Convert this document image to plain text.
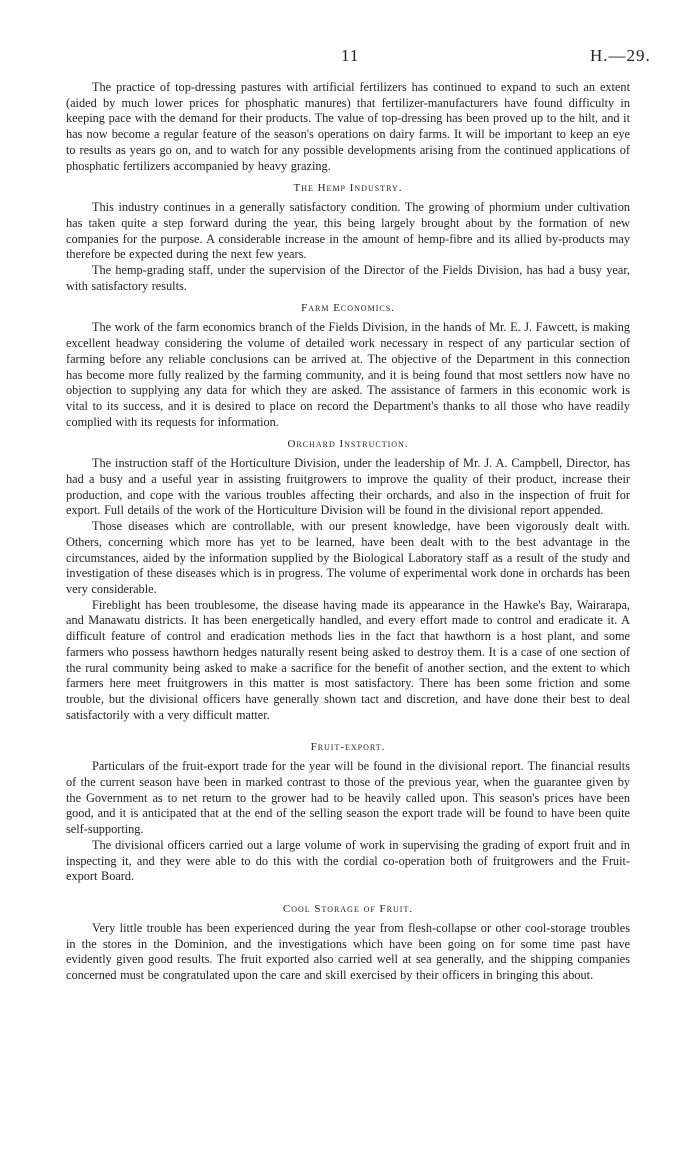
11	H.—29.

The practice of top-dressing pastures with artificial fertilizers has continued to expand to such an extent (aided by much lower prices for phosphatic manures) that fertilizer-manufacturers have found difficulty in keeping pace with the demand for their products. The value of top-dressing has been proved up to the hilt, and it has now become a regular feature of the season's operations on dairy farms. It will be important to keep an eye to results as years go on, and to watch for any possible developments arising from the continued applications of phosphatic fertilizers accompanied by heavy grazing.

The Hemp Industry.

This industry continues in a generally satisfactory condition. The growing of phormium under cultivation has taken quite a step forward during the year, this being largely brought about by the formation of new companies for the purpose. A considerable increase in the amount of hemp-fibre and its allied by-products may therefore be expected during the next few years.

The hemp-grading staff, under the supervision of the Director of the Fields Division, has had a busy year, with satisfactory results.

Farm Economics.

The work of the farm economics branch of the Fields Division, in the hands of Mr. E. J. Fawcett, is making excellent headway considering the volume of detailed work necessary in respect of any particular section of farming before any reliable conclusions can be arrived at. The objective of the Department in this connection has become more fully realized by the farming community, and it is being found that most settlers now have no objection to supplying any data for which they are asked. The assistance of farmers in this economic work is vital to its success, and it is desired to place on record the Department's thanks to all those who have readily complied with its requests for information.

Orchard Instruction.

The instruction staff of the Horticulture Division, under the leadership of Mr. J. A. Campbell, Director, has had a busy and a useful year in assisting fruitgrowers to improve the quality of their product, increase their production, and cope with the various troubles affecting their orchards, and also in the inspection of fruit for export. Full details of the work of the Horticulture Division will be found in the divisional report appended.

Those diseases which are controllable, with our present knowledge, have been vigorously dealt with. Others, concerning which more has yet to be learned, have been dealt with to the best advantage in the circumstances, aided by the information supplied by the Biological Laboratory staff as a result of the study and investigation of these diseases which is in progress. The volume of experimental work done in orchards has been very considerable.

Fireblight has been troublesome, the disease having made its appearance in the Hawke's Bay, Wairarapa, and Manawatu districts. It has been energetically handled, and every effort made to control and eradicate it. A difficult feature of control and eradication methods lies in the fact that hawthorn is a host plant, and some farmers who possess hawthorn hedges naturally resent being asked to destroy them. It is a case of one section of the rural community being asked to make a sacrifice for the benefit of another section, and the extent to which farmers here meet fruitgrowers in this matter is most satisfactory. There has been some friction and some trouble, but the divisional officers have generally shown tact and discretion, and have done their best to deal satisfactorily with a very difficult matter.

Fruit-export.

Particulars of the fruit-export trade for the year will be found in the divisional report. The financial results of the current season have been in marked contrast to those of the previous year, when the guarantee given by the Government as to net return to the grower had to be heavily called upon. This season's prices have been good, and it is anticipated that at the end of the selling season the export trade will be found to have been quite self-supporting.

The divisional officers carried out a large volume of work in supervising the grading of export fruit and in inspecting it, and they were able to do this with the cordial co-operation both of fruitgrowers and the Fruit-export Board.

Cool Storage of Fruit.

Very little trouble has been experienced during the year from flesh-collapse or other cool-storage troubles in the stores in the Dominion, and the investigations which have been going on for some time past have evidently given good results. The fruit exported also carried well at sea generally, and the shipping companies concerned must be congratulated upon the care and skill exercised by their officers in bringing this about.
